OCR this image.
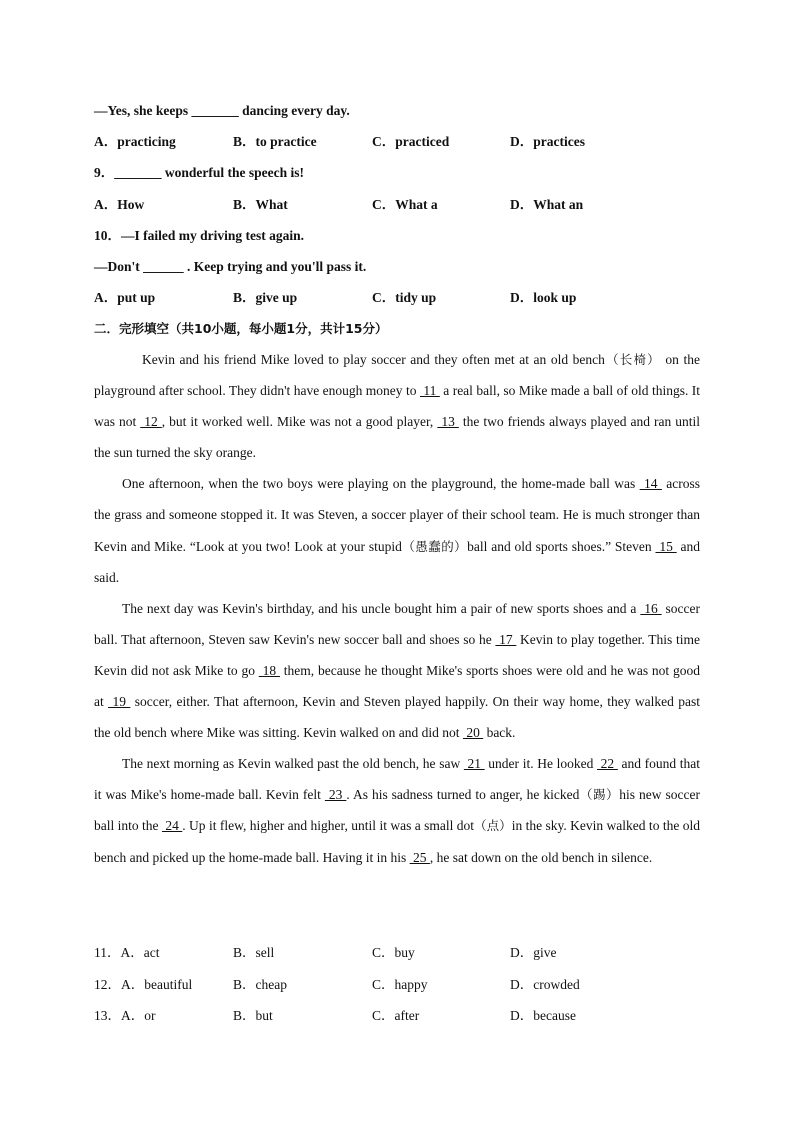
—Yes, she keeps _______ dancing every day.
A．practicing	B．to practice	C．practiced	D．practices
9．_______ wonderful the speech is!
A．How	B．What	C．What a	D．What an
10．—I failed my driving test again.
—Don't ______ . Keep trying and you'll pass it.
A．put up	B．give up	C．tidy up	D．look up
二．完形填空（共10小题，每小题1分，共计15分）

Kevin and his friend Mike loved to play soccer and they often met at an old bench（长椅） on the playground after school. They didn't have enough money to  11  a real ball, so Mike made a ball of old things. It was not  12 , but it worked well. Mike was not a good player,  13  the two friends always played and ran until the sun turned the sky orange.

One afternoon, when the two boys were playing on the playground, the home-made ball was  14  across the grass and someone stopped it. It was Steven, a soccer player of their school team. He is much stronger than Kevin and Mike. “Look at you two! Look at your stupid（愚蠢的）ball and old sports shoes.” Steven  15  and said.

The next day was Kevin's birthday, and his uncle bought him a pair of new sports shoes and a  16  soccer ball. That afternoon, Steven saw Kevin's new soccer ball and shoes so he  17  Kevin to play together. This time Kevin did not ask Mike to go  18  them, because he thought Mike's sports shoes were old and he was not good at  19  soccer, either. That afternoon, Kevin and Steven played happily. On their way home, they walked past the old bench where Mike was sitting. Kevin walked on and did not  20  back.

The next morning as Kevin walked past the old bench, he saw  21  under it. He looked  22  and found that it was Mike's home-made ball. Kevin felt  23 . As his sadness turned to anger, he kicked（踢）his new soccer ball into the  24 . Up it flew, higher and higher, until it was a small dot（点）in the sky. Kevin walked to the old bench and picked up the home-made ball. Having it in his  25 , he sat down on the old bench in silence.

11．A．act	B．sell	C．buy	D．give
12．A．beautiful	B．cheap	C．happy	D．crowded
13．A．or	B．but	C．after	D．because
